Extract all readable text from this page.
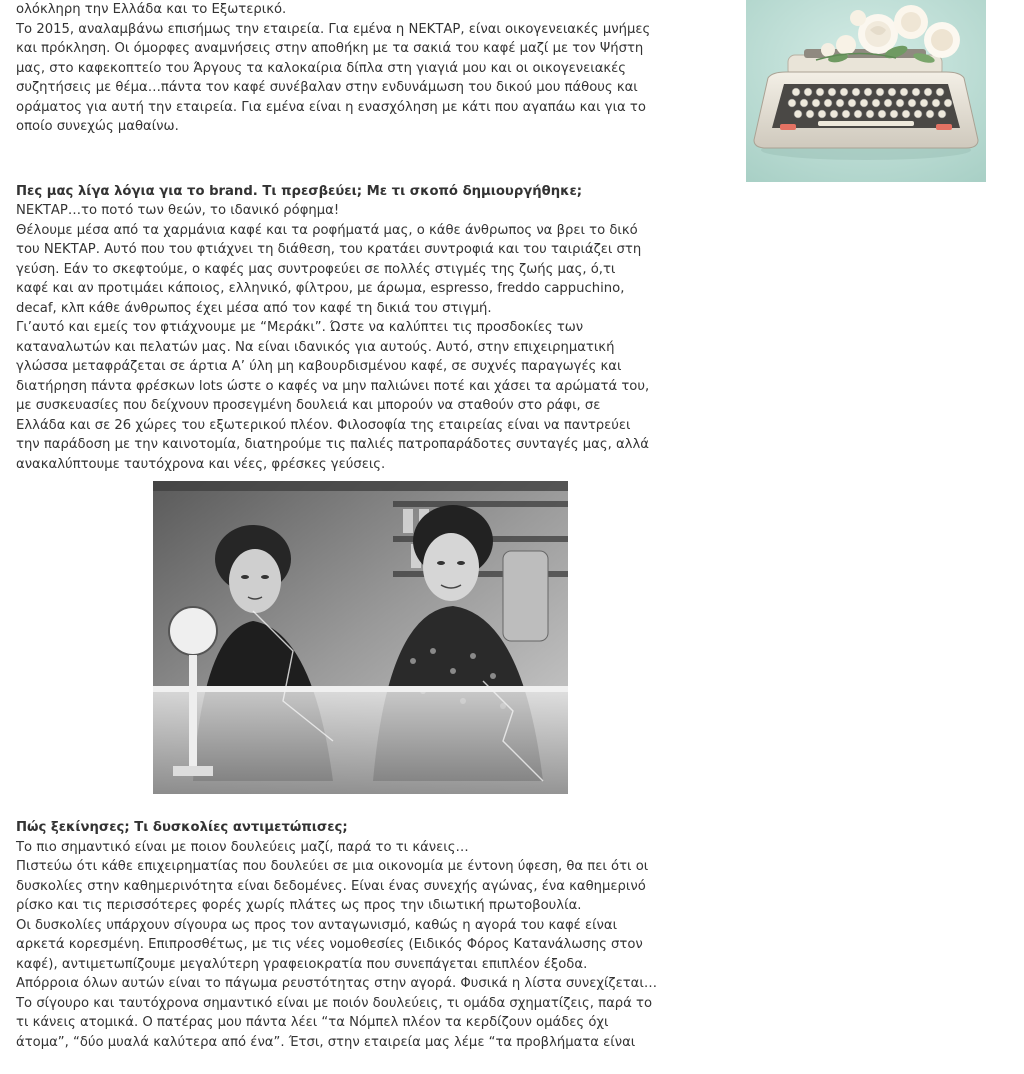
ολόκληρη την Ελλάδα και το Εξωτερικό.

Το 2015, αναλαμβάνω επισήμως την εταιρεία. Για εμένα η ΝΕΚΤΑΡ, είναι οικογενειακές μνήμες

και πρόκληση. Οι όμορφες αναμνήσεις στην αποθήκη με τα σακιά του καφέ μαζί με τον Ψήστη

μας, στο καφεκοπτείο του Άργους τα καλοκαίρια δίπλα στη γιαγιά μου και οι οικογενειακές

συζητήσεις με θέμα…πάντα τον καφέ συνέβαλαν στην ενδυνάμωση του δικού μου πάθους και

οράματος για αυτή την εταιρεία. Για εμένα είναι η ενασχόληση με κάτι που αγαπάω και για το

οποίο συνεχώς μαθαίνω.

Πες μας λίγα λόγια για το brand. Τι πρεσβεύει; Με τι σκοπό δημιουργήθηκε;

ΝΕΚΤΑΡ…το ποτό των θεών, το ιδανικό ρόφημα!

Θέλουμε μέσα από τα χαρμάνια καφέ και τα ροφήματά μας, ο κάθε άνθρωπος να βρει το δικό

του ΝΕΚΤΑΡ. Αυτό που του φτιάχνει τη διάθεση, του κρατάει συντροφιά και του ταιριάζει στη

γεύση. Εάν το σκεφτούμε, ο καφές μας συντροφεύει σε πολλές στιγμές της ζωής μας, ό,τι

καφέ και αν προτιμάει κάποιος, ελληνικό, φίλτρου, με άρωμα, espresso, freddo cappuchino,

decaf, κλπ κάθε άνθρωπος έχει μέσα από τον καφέ τη δικιά του στιγμή.

Γι’αυτό και εμείς τον φτιάχνουμε με “Μεράκι”. Ώστε να καλύπτει τις προσδοκίες των

καταναλωτών και πελατών μας. Να είναι ιδανικός για αυτούς. Αυτό, στην επιχειρηματική

γλώσσα μεταφράζεται σε άρτια Α’ ύλη μη καβουρδισμένου καφέ, σε συχνές παραγωγές και

διατήρηση πάντα φρέσκων lots ώστε ο καφές να μην παλιώνει ποτέ και χάσει τα αρώματά του,

με συσκευασίες που δείχνουν προσεγμένη δουλειά και μπορούν να σταθούν στο ράφι, σε

Ελλάδα και σε 26 χώρες του εξωτερικού πλέον. Φιλοσοφία της εταιρείας είναι να παντρεύει

την παράδοση με την καινοτομία, διατηρούμε τις παλιές πατροπαράδοτες συνταγές μας, αλλά

ανακαλύπτουμε ταυτόχρονα και νέες, φρέσκες γεύσεις.

Πώς ξεκίνησες; Τι δυσκολίες αντιμετώπισες;

Το πιο σημαντικό είναι με ποιον δουλεύεις μαζί, παρά το τι κάνεις…

Πιστεύω ότι κάθε επιχειρηματίας που δουλεύει σε μια οικονομία με έντονη ύφεση, θα πει ότι οι

δυσκολίες στην καθημερινότητα είναι δεδομένες. Είναι ένας συνεχής αγώνας, ένα καθημερινό

ρίσκο και τις περισσότερες φορές χωρίς πλάτες ως προς την ιδιωτική πρωτοβουλία.

Οι δυσκολίες υπάρχουν σίγουρα ως προς τον ανταγωνισμό, καθώς η αγορά του καφέ είναι

αρκετά κορεσμένη. Επιπροσθέτως, με τις νέες νομοθεσίες (Ειδικός Φόρος Κατανάλωσης στον

καφέ), αντιμετωπίζουμε μεγαλύτερη γραφειοκρατία που συνεπάγεται επιπλέον έξοδα.

Απόρροια όλων αυτών είναι το πάγωμα ρευστότητας στην αγορά. Φυσικά η λίστα συνεχίζεται…

Το σίγουρο και ταυτόχρονα σημαντικό είναι με ποιόν δουλεύεις, τι ομάδα σχηματίζεις, παρά το

τι κάνεις ατομικά. Ο πατέρας μου πάντα λέει “τα Νόμπελ πλέον τα κερδίζουν ομάδες όχι

άτομα”, “δύο μυαλά καλύτερα από ένα”. Έτσι, στην εταιρεία μας λέμε “τα προβλήματα είναι
